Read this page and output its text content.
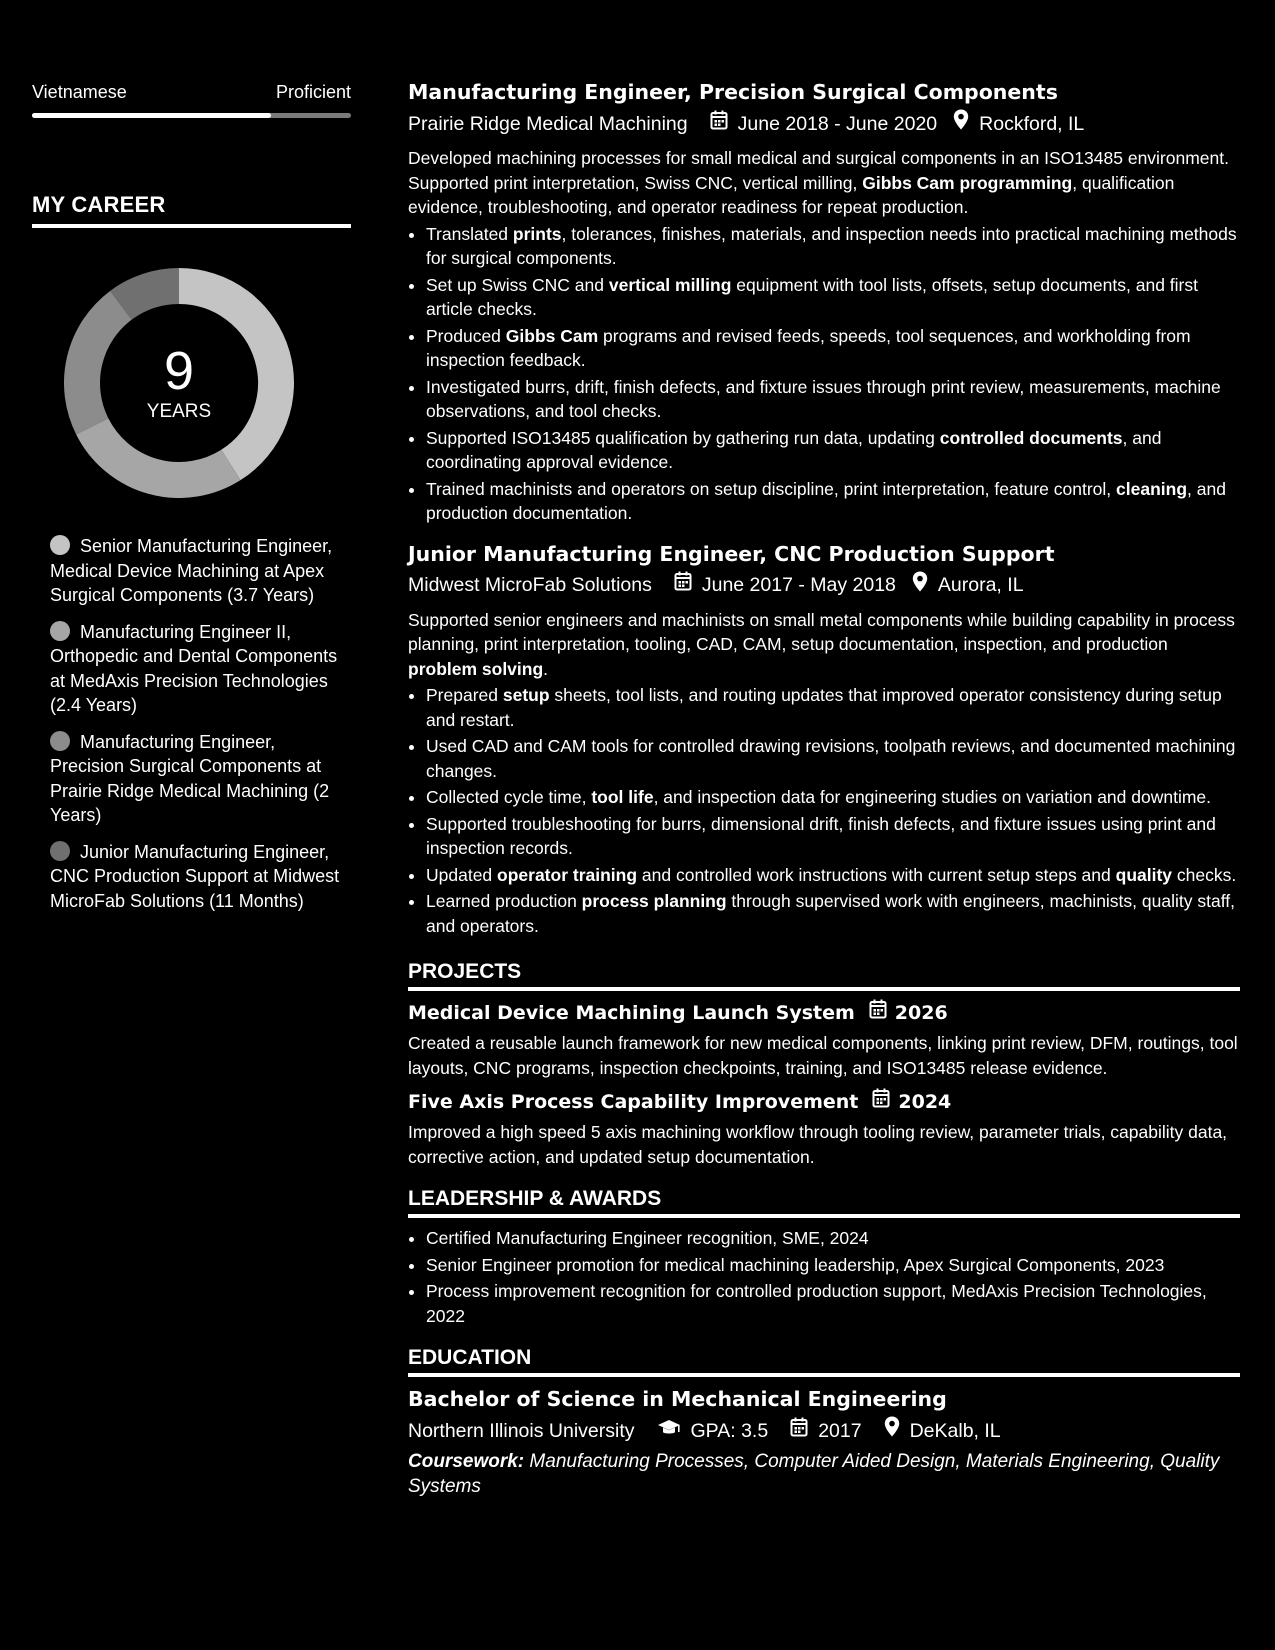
Vietnamese	Proficient
MY CAREER
9
YEARS
Senior Manufacturing Engineer, Medical Device Machining at Apex Surgical Components (3.7 Years)
Manufacturing Engineer II, Orthopedic and Dental Components at MedAxis Precision Technologies (2.4 Years)
Manufacturing Engineer, Precision Surgical Components at Prairie Ridge Medical Machining (2 Years)
Junior Manufacturing Engineer, CNC Production Support at Midwest MicroFab Solutions (11 Months)
Manufacturing Engineer, Precision Surgical Components
Prairie Ridge Medical Machining	June 2018 - June 2020 Rockford, IL
Developed machining processes for small medical and surgical components in an ISO13485 environment. Supported print interpretation, Swiss CNC, vertical milling, Gibbs Cam programming, qualification evidence, troubleshooting, and operator readiness for repeat production.
• Translated prints, tolerances, finishes, materials, and inspection needs into practical machining methods for surgical components.
• Set up Swiss CNC and vertical milling equipment with tool lists, offsets, setup documents, and first article checks.
• Produced Gibbs Cam programs and revised feeds, speeds, tool sequences, and workholding from inspection feedback.
• Investigated burrs, drift, finish defects, and fixture issues through print review, measurements, machine observations, and tool checks.
• Supported ISO13485 qualification by gathering run data, updating controlled documents, and coordinating approval evidence.
• Trained machinists and operators on setup discipline, print interpretation, feature control, cleaning, and production documentation.
Junior Manufacturing Engineer, CNC Production Support
Midwest MicroFab Solutions	June 2017 - May 2018 Aurora, IL
Supported senior engineers and machinists on small metal components while building capability in process planning, print interpretation, tooling, CAD, CAM, setup documentation, inspection, and production problem solving.
• Prepared setup sheets, tool lists, and routing updates that improved operator consistency during setup and restart.
• Used CAD and CAM tools for controlled drawing revisions, toolpath reviews, and documented machining changes.
• Collected cycle time, tool life, and inspection data for engineering studies on variation and downtime.
• Supported troubleshooting for burrs, dimensional drift, finish defects, and fixture issues using print and inspection records.
• Updated operator training and controlled work instructions with current setup steps and quality checks.
• Learned production process planning through supervised work with engineers, machinists, quality staff, and operators.
PROJECTS
Medical Device Machining Launch System 2026
Created a reusable launch framework for new medical components, linking print review, DFM, routings, tool layouts, CNC programs, inspection checkpoints, training, and ISO13485 release evidence.
Five Axis Process Capability Improvement 2024
Improved a high speed 5 axis machining workflow through tooling review, parameter trials, capability data, corrective action, and updated setup documentation.
LEADERSHIP & AWARDS
• Certified Manufacturing Engineer recognition, SME, 2024
• Senior Engineer promotion for medical machining leadership, Apex Surgical Components, 2023
• Process improvement recognition for controlled production support, MedAxis Precision Technologies, 2022
EDUCATION
Bachelor of Science in Mechanical Engineering
Northern Illinois University	GPA: 3.5	2017 DeKalb, IL
Coursework: Manufacturing Processes, Computer Aided Design, Materials Engineering, Quality Systems
